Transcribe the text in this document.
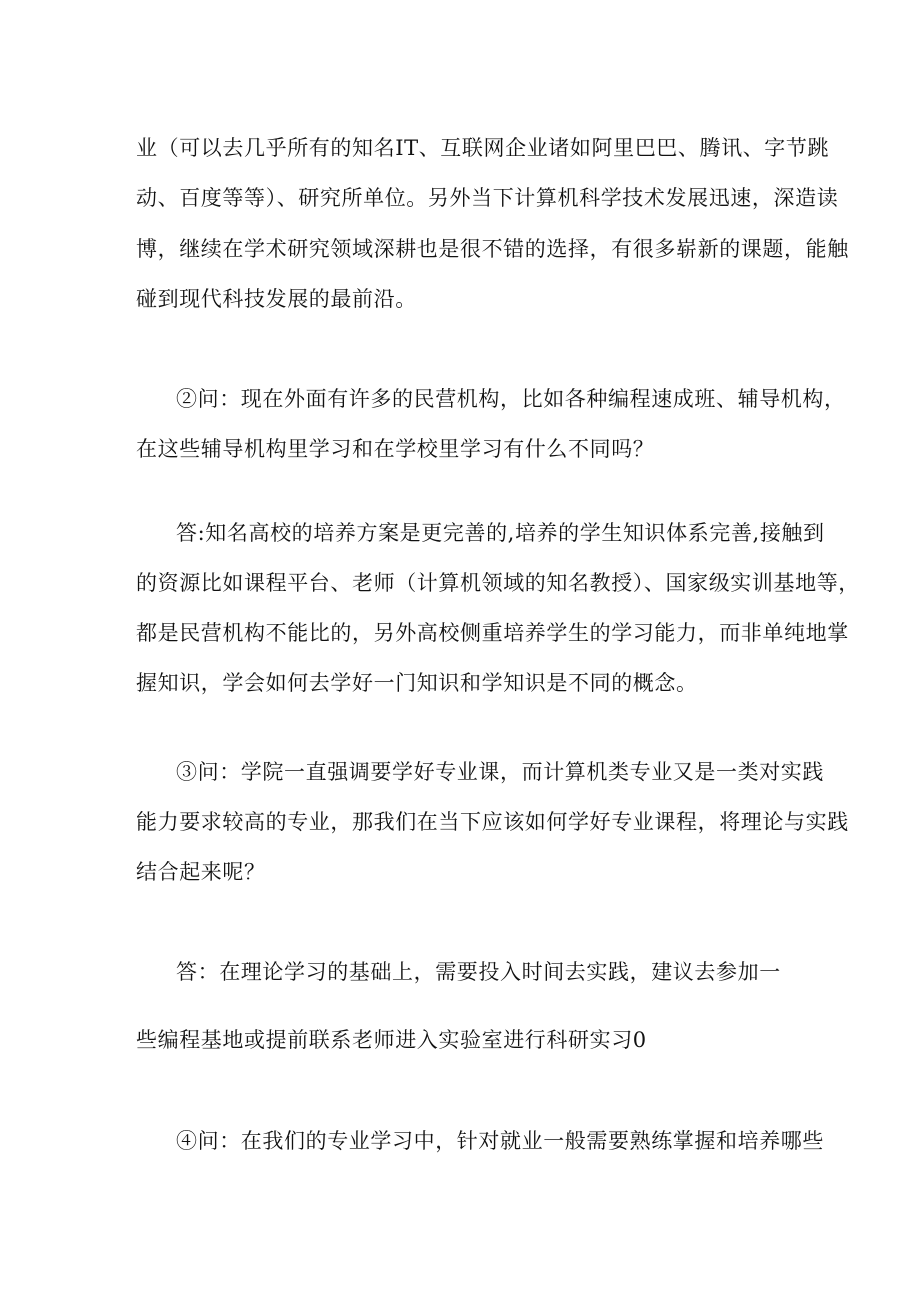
业（可以去几乎所有的知名IT、互联网企业诸如阿里巴巴、腾讯、字节跳
动、百度等等）、研究所单位。另外当下计算机科学技术发展迅速，深造读
博，继续在学术研究领域深耕也是很不错的选择，有很多崭新的课题，能触
碰到现代科技发展的最前沿。
②问：现在外面有许多的民营机构，比如各种编程速成班、辅导机构，
在这些辅导机构里学习和在学校里学习有什么不同吗？
答:知名高校的培养方案是更完善的,培养的学生知识体系完善,接触到
的资源比如课程平台、老师（计算机领域的知名教授）、国家级实训基地等，
都是民营机构不能比的，另外高校侧重培养学生的学习能力，而非单纯地掌
握知识，学会如何去学好一门知识和学知识是不同的概念。
③问：学院一直强调要学好专业课，而计算机类专业又是一类对实践
能力要求较高的专业，那我们在当下应该如何学好专业课程，将理论与实践
结合起来呢？
答：在理论学习的基础上，需要投入时间去实践，建议去参加一
些编程基地或提前联系老师进入实验室进行科研实习0
④问：在我们的专业学习中，针对就业一般需要熟练掌握和培养哪些
